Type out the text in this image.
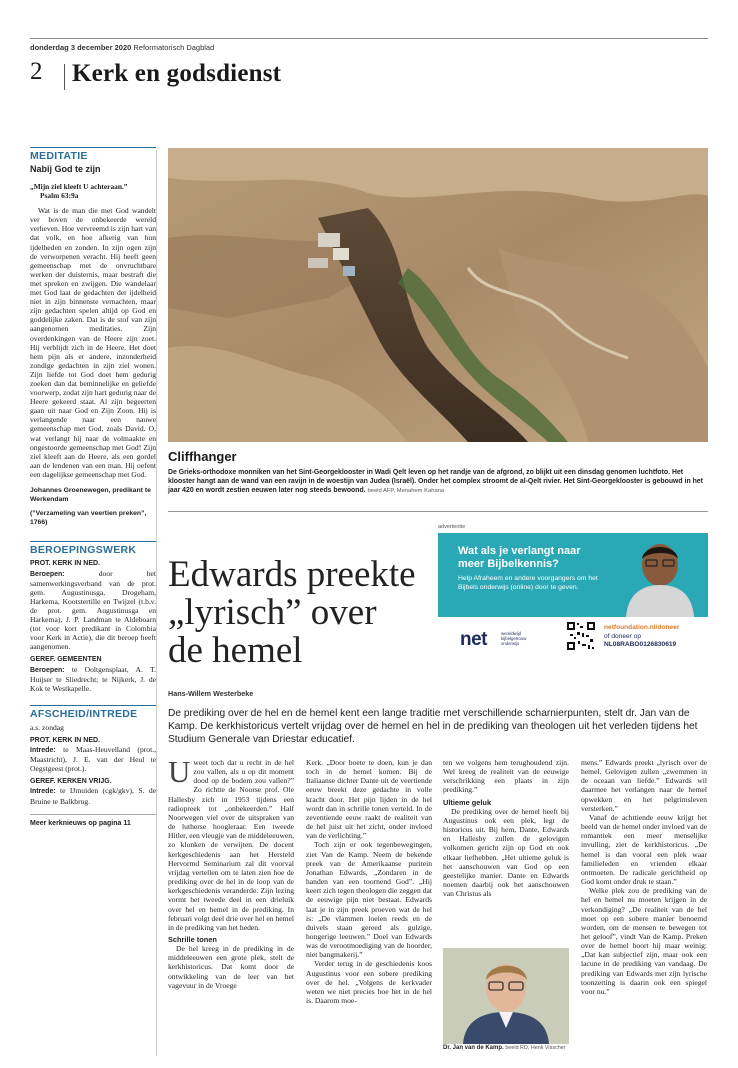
donderdag 3 december 2020 Reformatorisch Dagblad
2 Kerk en godsdienst
MEDITATIE
Nabij God te zijn
„Mijn ziel kleeft U achteraan.”
Psalm 63:9a

Wat is de man die met God wandelt ver boven de onbekeerde wereld verheven. Hoe vervreemd is zijn hart van dat volk, en hoe afkerig van hun ijdelheden en zonden. In zijn ogen zijn de verworpenen veracht. Hij heeft geen gemeenschap met de onvruchtbare werken der duisternis, maar bestraft die met spreken en zwijgen. Die wandelaar met God laat de gedachten der ijdelheid niet in zijn binnenste vernachten, maar zijn gedachten spelen altijd op God en goddelijke zaken. Dat is de stof van zijn aangenomen meditaties. Zijn overdenkingen van de Heere zijn zoet. Hij verblijdt zich in de Heere. Het doet hem pijn als er andere, inzonderheid zondige gedachten in zijn ziel wonen. Zijn liefde tot God doet hem gedurig zoeken dan dat beminnelijke en geliefde voorwerp, zodat zijn hart gedurig naar de Heere gekeerd staat. Al zijn begeerten gaan uit naar God en Zijn Zoon. Hij is verlangende naar een nauwe gemeenschap met God, zoals David. O, wat verlangt hij naar de volmaakte en ongestoorde gemeenschap met God! Zijn ziel kleeft aan de Heere, als een gordel aan de lendenen van een man. Hij oefent een dagelijkse gemeenschap met God.

Johannes Groenewegen, predikant te Werkendam
(”Verzameling van veertien preken”, 1766)
BEROEPINGSWERK
PROT. KERK IN NED.

Beroepen:	door het samenwerkingsverband van de prot. gem. Augustinusga, Drogeham, Harkema, Kootstertille en Twijzel (t.b.v. de prot. gem. Augustinusga en Harkema), J. P. Landman te Aldeboarn (tot voor kort predikant in Colombia voor Kerk in Actie), die dit beroep heeft aangenomen.

GEREF. GEMEENTEN

Beroepen: te Ooltgensplaat, A. T. Huijser te Sliedrecht; te Nijkerk, J. de Kok te Westkapelle.

AFSCHEID/INTREDE
a.s. zondag
PROT. KERK IN NED.

Intrede: te Maas-Heuvelland (prot., Maastricht), J. E. van der Heul te Oegstgeest (prot.).

GEREF. KERKEN VRIJG.

Intrede: te IJmuiden (cgk/gkv), S. de Bruine te Balkbrug.

Meer kerknieuws op pagina 11
Cliffhanger
De Grieks-orthodoxe monniken van het Sint-Georgeklooster in Wadi Qelt leven op het randje van de afgrond, zo blijkt uit een dinsdag genomen luchtfoto. Het klooster hangt aan de wand van een ravijn in de woestijn van Judea (Israël). Onder het complex stroomt de al-Qelt rivier. Het Sint-Georgeklooster is gebouwd in het jaar 420 en wordt zestien eeuwen later nog steeds bewoond. beeld AFP, Menahem Kahana
Edwards preekte
„lyrisch” over
de hemel
advertentie
Wat als je verlangt naar meer Bijbelkennis?
Help Afraheem en andere voorgangers om het Bijbels onderwijs (online) door te geven.
net	wereldwijd bijbelgetrouw onderwijs
netfoundation.nl/doneer
of doneer op
NL08RABO0126830619
Hans-Willem Westerbeke
De prediking over de hel en de hemel kent een lange traditie met verschillende scharnierpunten, stelt dr. Jan van de Kamp. De kerkhistoricus vertelt vrijdag over de hemel en hel in de prediking van theologen uit het verleden tijdens het Studium Generale van Driestar educatief.

Uweet toch dat u recht in de hel zou vallen, als u op dit moment dood op de bodem zou vallen?” Zo richtte de Noorse prof. Ole Hallesby zich in 1953 tijdens een radiopreek tot „onbekeerden.” Half Noorwegen viel over de uitspraken van de lutherse hoogleraar. Een tweede Hitler, een vleugje van de middeleeuwen, zo klonken de verwijten. De docent kerkgeschiedenis aan het Hersteld Hervormd Seminarium zal dit voorval vrijdag vertellen om te laten zien hoe de prediking over de hel in de loop van de kerkgeschiedenis veranderde. Zijn lezing vormt het tweede deel in een drieluik over hel en hemel in de prediking. In februari volgt deel drie over hel en hemel in de prediking van het heden.

Schrille tonen

De hel kreeg in de prediking in de middeleeuwen een grote plek, stelt de kerkhistoricus. Dat komt door de ontwikkeling van de leer van het vagevuur in de Vroege

Kerk. „Door boete te doen, kun je dan toch in de hemel komen. Bij de Italiaanse dichter Dante uit de veertiende eeuw breekt deze gedachte in volle kracht door. Het pijn lijden in de hel wordt dan in schrille tonen verteld. In de zeventiende eeuw raakt de realiteit van de hel juist uit het zicht, onder invloed van de verlichting.”

Toch zijn er ook tegenbewegingen, ziet Van de Kamp. Neem de bekende preek van de Amerikaanse puritein Jonathan Edwards, „Zondaren in de handen van een toornend God”. „Hij keert zich tegen theologen die zeggen dat de eeuwige pijn niet bestaat. Edwards laat je in zijn preek proeven wat de hel is: „De vlammen loeien reeds en de duivels staan gereed als gulzige, hongerige leeuwen.” Doel van Edwards was de verootmoediging van de hoorder, niet bangmakerij.”

Verder terug in de geschiedenis koos Augustinus voor een sobere prediking over de hel. „Volgens de kerkvader weten we niet precies hoe het in de hel is. Daarom moe-

ten we volgens hem terughoudend zijn. Wel kreeg de realiteit van de eeuwige verschrikking een plaats in zijn prediking.”

Ultieme geluk

De prediking over de hemel heeft bij Augustinus ook een plek, legt de historicus uit. Bij hem, Dante, Edwards en Hallesby zullen de gelovigen volkomen gericht zijn op God en ook elkaar liefhebben. „Het ultieme geluk is het aanschouwen van God op een geestelijke manier. Dante en Edwards noemen daarbij ook het aanschouwen van Christus als

Dr. Jan van de Kamp. beeld RD, Henk Visscher

mens.” Edwards preekt „lyrisch over de hemel. Gelovigen zullen „zwemmen in de oceaan van liefde.” Edwards wil daarmee het verlangen naar de hemel opwekken en het pelgrimsleven versterken.”

Vanaf de achttiende eeuw krijgt het beeld van de hemel onder invloed van de romantiek een meer menselijke invulling, ziet de kerkhistoricus. „De hemel is dan vooral een plek waar familieleden en vrienden elkaar ontmoeten. De radicale gerichtheid op God komt onder druk te staan.”

Welke plek zou de prediking van de hel en hemel nu moeten krijgen in de verkondiging? „De realiteit van de hel moet op een sobere manier benoemd worden, om de mensen te bewegen tot het geloof”, vindt Van de Kamp. Preken over de hemel hoort hij maar weinig: „Dat kan subjectief zijn, maar ook een lacune in de prediking van vandaag. De prediking van Edwards met zijn lyrische toonzetting is daarin ook een spiegel voor nu.”
